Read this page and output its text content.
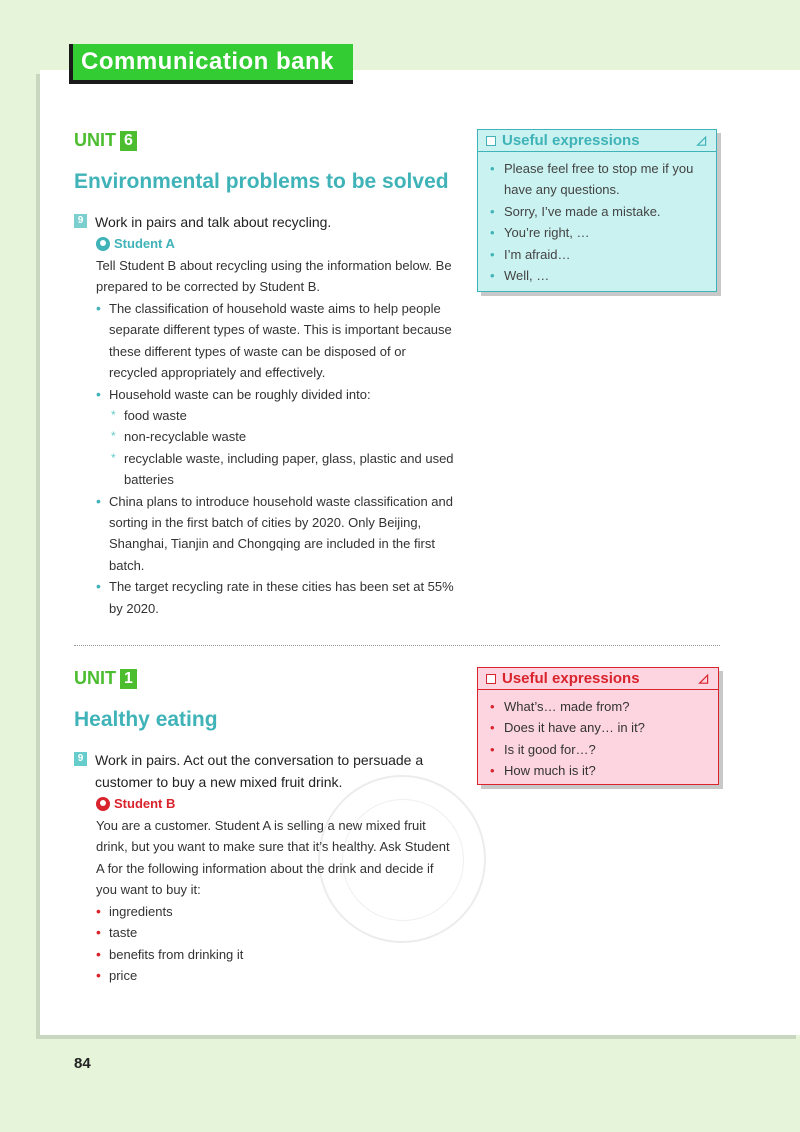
Communication bank
UNIT 6
Environmental problems to be solved
9 Work in pairs and talk about recycling.
Student A
Tell Student B about recycling using the information below. Be prepared to be corrected by Student B.
• The classification of household waste aims to help people separate different types of waste. This is important because these different types of waste can be disposed of or recycled appropriately and effectively.
• Household waste can be roughly divided into:
* food waste
* non-recyclable waste
* recyclable waste, including paper, glass, plastic and used batteries
• China plans to introduce household waste classification and sorting in the first batch of cities by 2020. Only Beijing, Shanghai, Tianjin and Chongqing are included in the first batch.
• The target recycling rate in these cities has been set at 55% by 2020.
Useful expressions	◿
• Please feel free to stop me if you have any questions.
• Sorry, I’ve made a mistake.
• You’re right, …
• I’m afraid…
• Well, …
UNIT 1
Healthy eating
9 Work in pairs. Act out the conversation to persuade a customer to buy a new mixed fruit drink.
Student B
You are a customer. Student A is selling a new mixed fruit drink, but you want to make sure that it’s healthy. Ask Student A for the following information about the drink and decide if you want to buy it:
• ingredients
• taste
• benefits from drinking it
• price
Useful expressions	◿
• What’s… made from?
• Does it have any… in it?
• Is it good for…?
• How much is it?
84
